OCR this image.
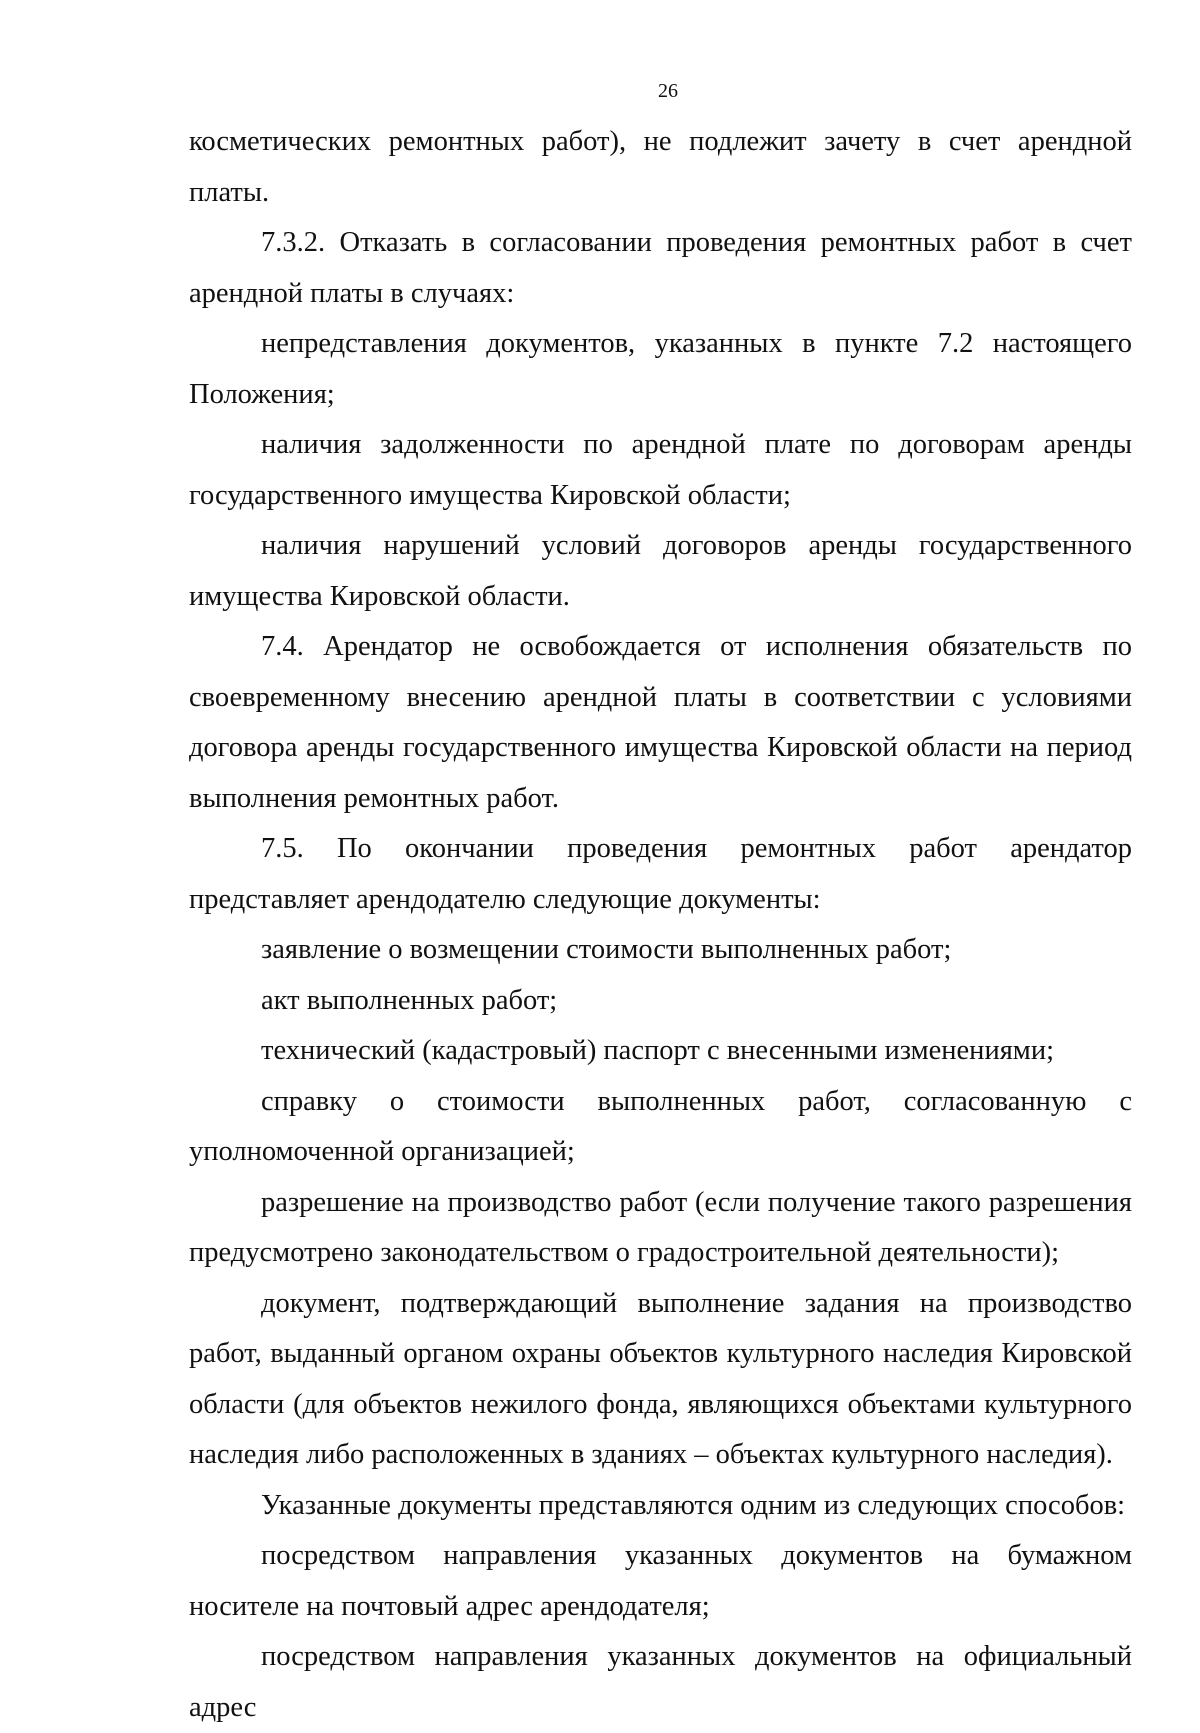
26

косметических ремонтных работ), не подлежит зачету в счет арендной платы.

7.3.2. Отказать в согласовании проведения ремонтных работ в счет арендной платы в случаях:

непредставления документов, указанных в пункте 7.2 настоящего Положения;

наличия задолженности по арендной плате по договорам аренды государственного имущества Кировской области;

наличия нарушений условий договоров аренды государственного имущества Кировской области.

7.4. Арендатор не освобождается от исполнения обязательств по своевременному внесению арендной платы в соответствии с условиями договора аренды государственного имущества Кировской области на период выполнения ремонтных работ.

7.5. По окончании проведения ремонтных работ арендатор представляет арендодателю следующие документы:

заявление о возмещении стоимости выполненных работ;

акт выполненных работ;

технический (кадастровый) паспорт с внесенными изменениями;

справку о стоимости выполненных работ, согласованную с уполномоченной организацией;

разрешение на производство работ (если получение такого разрешения предусмотрено законодательством о градостроительной деятельности);

документ, подтверждающий выполнение задания на производство работ, выданный органом охраны объектов культурного наследия Кировской области (для объектов нежилого фонда, являющихся объектами культурного наследия либо расположенных в зданиях – объектах культурного наследия).

Указанные документы представляются одним из следующих способов:

посредством направления указанных документов на бумажном носителе на почтовый адрес арендодателя;

посредством направления указанных документов на официальный адрес
